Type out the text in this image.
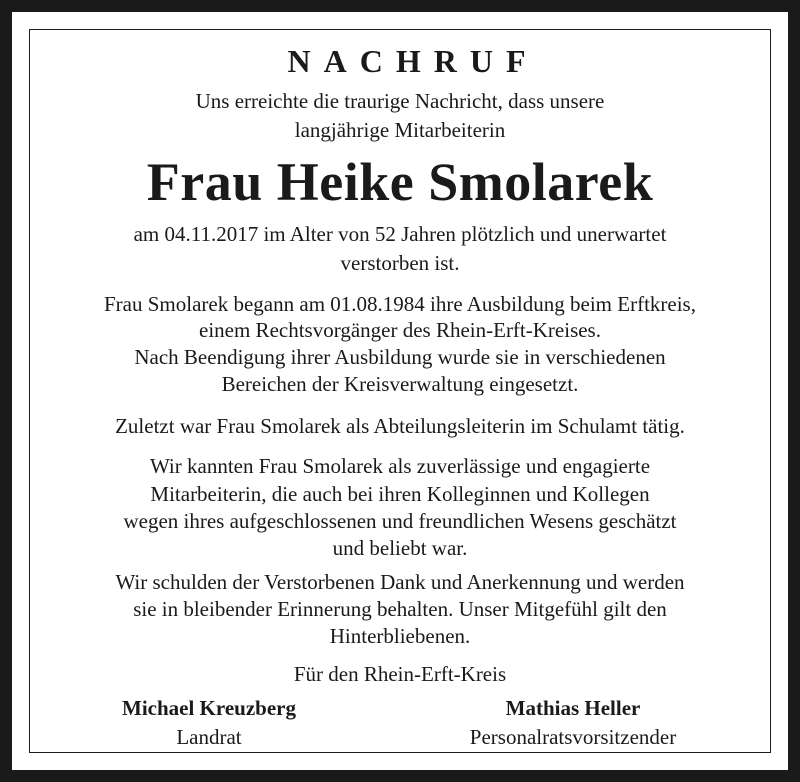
NACHRUF
Uns erreichte die traurige Nachricht, dass unsere
langjährige Mitarbeiterin
Frau Heike Smolarek
am 04.11.2017 im Alter von 52 Jahren plötzlich und unerwartet
verstorben ist.
Frau Smolarek begann am 01.08.1984 ihre Ausbildung beim Erftkreis,
einem Rechtsvorgänger des Rhein-Erft-Kreises.
Nach Beendigung ihrer Ausbildung wurde sie in verschiedenen
Bereichen der Kreisverwaltung eingesetzt.
Zuletzt war Frau Smolarek als Abteilungsleiterin im Schulamt tätig.
Wir kannten Frau Smolarek als zuverlässige und engagierte
Mitarbeiterin, die auch bei ihren Kolleginnen und Kollegen
wegen ihres aufgeschlossenen und freundlichen Wesens geschätzt
und beliebt war.
Wir schulden der Verstorbenen Dank und Anerkennung und werden
sie in bleibender Erinnerung behalten. Unser Mitgefühl gilt den
Hinterbliebenen.
Für den Rhein-Erft-Kreis
Michael Kreuzberg
Landrat
Mathias Heller
Personalratsvorsitzender
